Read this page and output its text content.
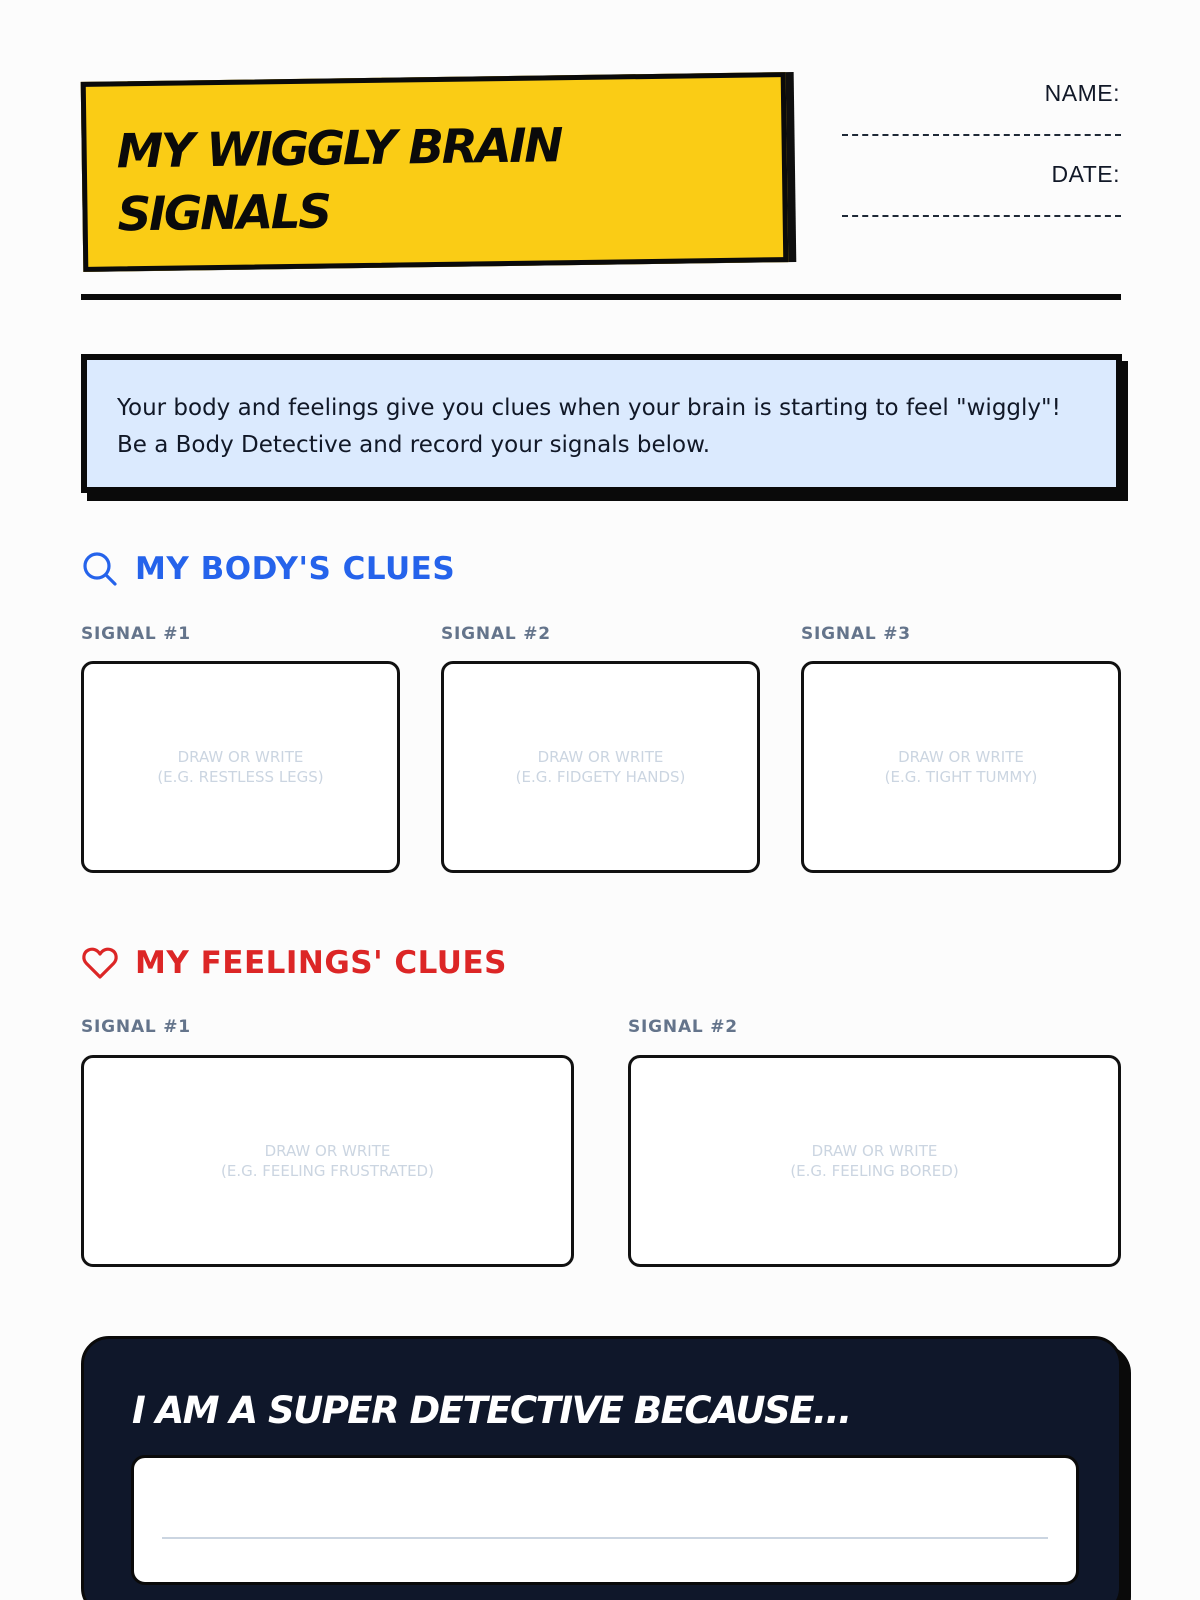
MY WIGGLY BRAIN SIGNALS
NAME:
DATE:

Your body and feelings give you clues when your brain is starting to feel "wiggly"! Be a Body Detective and record your signals below.

MY BODY'S CLUES
SIGNAL #1	SIGNAL #2	SIGNAL #3
DRAW OR WRITE
(E.G. RESTLESS LEGS)
DRAW OR WRITE
(E.G. FIDGETY HANDS)
DRAW OR WRITE
(E.G. TIGHT TUMMY)
MY FEELINGS' CLUES
SIGNAL #1	SIGNAL #2
DRAW OR WRITE
(E.G. FEELING FRUSTRATED)
DRAW OR WRITE
(E.G. FEELING BORED)
I AM A SUPER DETECTIVE BECAUSE...
